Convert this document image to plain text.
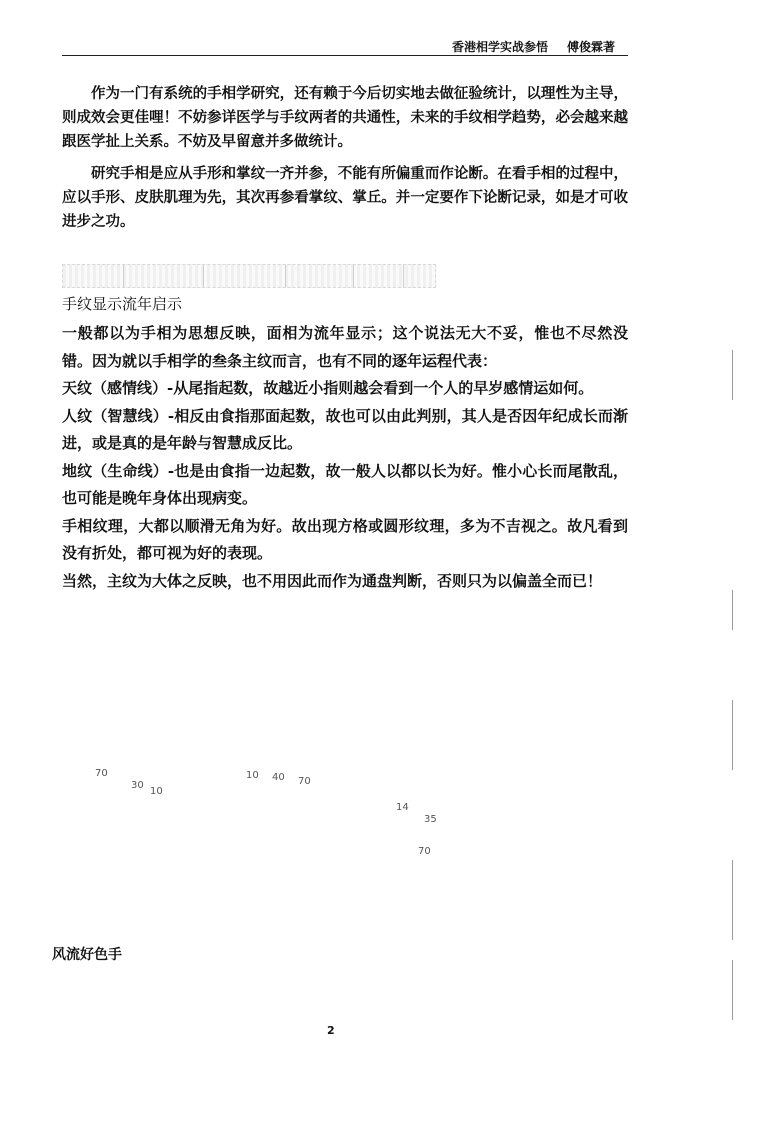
香港相学实战参悟 傅俊霖著

作为一门有系统的手相学研究，还有赖于今后切实地去做征验统计，以理性为主导，则成效会更佳哩！不妨参详医学与手纹两者的共通性，未来的手纹相学趋势，必会越来越跟医学扯上关系。不妨及早留意并多做统计。

研究手相是应从手形和掌纹一齐并参，不能有所偏重而作论断。在看手相的过程中，应以手形、皮肤肌理为先，其次再参看掌纹、掌丘。并一定要作下论断记录，如是才可收进步之功。

手纹显示流年启示

一般都以为手相为思想反映，面相为流年显示；这个说法无大不妥，惟也不尽然没错。因为就以手相学的叁条主纹而言，也有不同的逐年运程代表：

天纹（感情线）-从尾指起数，故越近小指则越会看到一个人的早岁感情运如何。

人纹（智慧线）-相反由食指那面起数，故也可以由此判别，其人是否因年纪成长而渐进，或是真的是年龄与智慧成反比。

地纹（生命线）-也是由食指一边起数，故一般人以都以长为好。惟小心长而尾散乱，也可能是晚年身体出现病变。

手相纹理，大都以顺滑无角为好。故出现方格或圆形纹理，多为不吉视之。故凡看到没有折处，都可视为好的表现。

当然，主纹为大体之反映，也不用因此而作为通盘判断，否则只为以偏盖全而已！

70
30
10
10 40 70
14
35
70
风流好色手
2
